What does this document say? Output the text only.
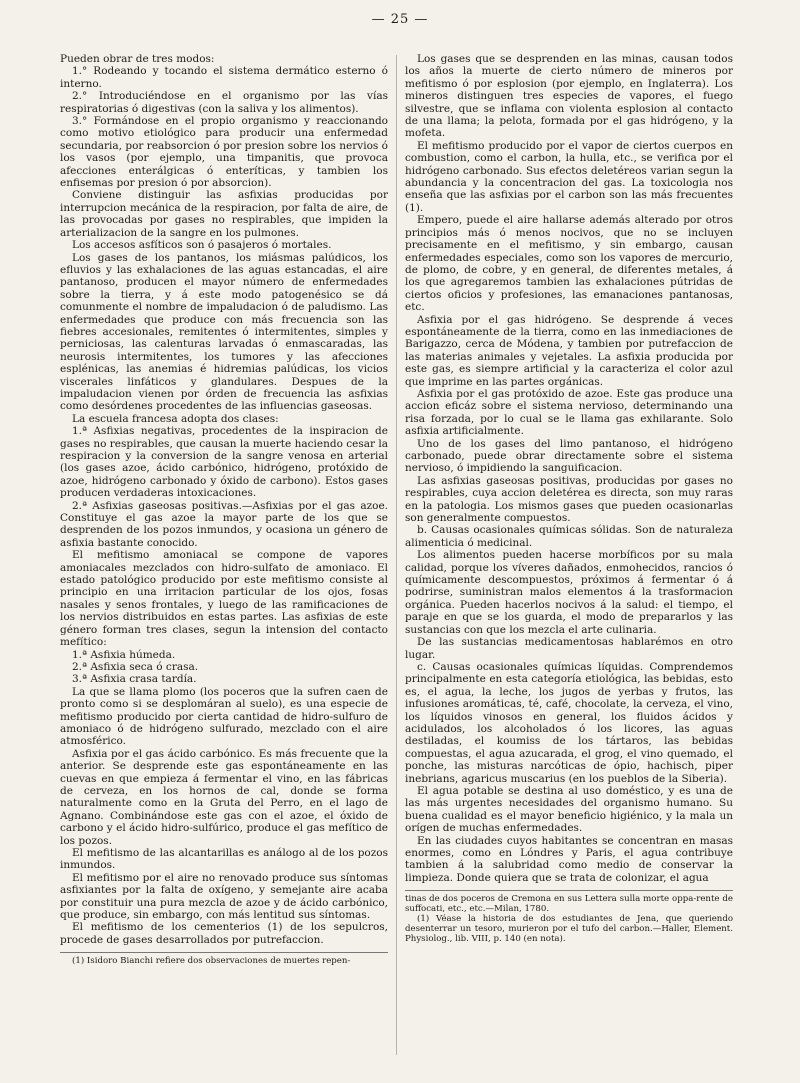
— 25 —

Pueden obrar de tres modos:

1.° Rodeando y tocando el sistema dermático esterno ó interno.

2.° Introduciéndose en el organismo por las vías respiratorias ó digestivas (con la saliva y los alimentos).

3.° Formándose en el propio organismo y reaccionando como motivo etiológico para producir una enfermedad secundaria, por reabsorcion ó por presion sobre los nervios ó los vasos (por ejemplo, una timpanitis, que provoca afecciones enterálgicas ó enteríticas, y tambien los enfisemas por presion ó por absorcion).

Conviene distinguir las asfixias producidas por interrupcion mecánica de la respiracion, por falta de aire, de las provocadas por gases no respirables, que impiden la arterializacion de la sangre en los pulmones.

Los accesos asfíticos son ó pasajeros ó mortales.

Los gases de los pantanos, los miásmas palúdicos, los efluvios y las exhalaciones de las aguas estancadas, el aire pantanoso, producen el mayor número de enfermedades sobre la tierra, y á este modo patogenésico se dá comunmente el nombre de impaludacion ó de paludismo. Las enfermedades que produce con más frecuencia son las fiebres accesionales, remitentes ó intermitentes, simples y perniciosas, las calenturas larvadas ó enmascaradas, las neurosis intermitentes, los tumores y las afecciones esplénicas, las anemias é hidremias palúdicas, los vicios viscerales linfáticos y glandulares. Despues de la impaludacion vienen por órden de frecuencia las asfixias como desórdenes procedentes de las influencias gaseosas.

La escuela francesa adopta dos clases:

1.ª Asfixias negativas, procedentes de la inspiracion de gases no respirables, que causan la muerte haciendo cesar la respiracion y la conversion de la sangre venosa en arterial (los gases azoe, ácido carbónico, hidrógeno, protóxido de azoe, hidrógeno carbonado y óxido de carbono). Estos gases producen verdaderas intoxicaciones.

2.ª Asfixias gaseosas positivas.—Asfixias por el gas azoe. Constituye el gas azoe la mayor parte de los que se desprenden de los pozos inmundos, y ocasiona un género de asfixia bastante conocido.

El mefitismo amoniacal se compone de vapores amoniacales mezclados con hidro-sulfato de amoniaco. El estado patológico producido por este mefitismo consiste al principio en una irritacion particular de los ojos, fosas nasales y senos frontales, y luego de las ramificaciones de los nervios distribuidos en estas partes. Las asfixias de este género forman tres clases, segun la intension del contacto mefítico:

1.ª Asfixia húmeda.

2.ª Asfixia seca ó crasa.

3.ª Asfixia crasa tardía.

La que se llama plomo (los poceros que la sufren caen de pronto como si se desplomáran al suelo), es una especie de mefitismo producido por cierta cantidad de hidro-sulfuro de amoniaco ó de hidrógeno sulfurado, mezclado con el aire atmosférico.

Asfixia por el gas ácido carbónico. Es más frecuente que la anterior. Se desprende este gas espontáneamente en las cuevas en que empieza á fermentar el vino, en las fábricas de cerveza, en los hornos de cal, donde se forma naturalmente como en la Gruta del Perro, en el lago de Agnano. Combinándose este gas con el azoe, el óxido de carbono y el ácido hidro-sulfúrico, produce el gas mefítico de los pozos.

El mefitismo de las alcantarillas es análogo al de los pozos inmundos.

El mefitismo por el aire no renovado produce sus síntomas asfixiantes por la falta de oxígeno, y semejante aire acaba por constituir una pura mezcla de azoe y de ácido carbónico, que produce, sin embargo, con más lentitud sus síntomas.

El mefitismo de los cementerios (1) de los sepulcros, procede de gases desarrollados por putrefaccion.

(1) Isidoro Bianchi refiere dos observaciones de muertes repen-

Los gases que se desprenden en las minas, causan todos los años la muerte de cierto número de mineros por mefitismo ó por esplosion (por ejemplo, en Inglaterra). Los mineros distinguen tres especies de vapores, el fuego silvestre, que se inflama con violenta esplosion al contacto de una llama; la pelota, formada por el gas hidrógeno, y la mofeta.

El mefitismo producido por el vapor de ciertos cuerpos en combustion, como el carbon, la hulla, etc., se verifica por el hidrógeno carbonado. Sus efectos deletéreos varian segun la abundancia y la concentracion del gas. La toxicologia nos enseña que las asfixias por el carbon son las más frecuentes (1).

Empero, puede el aire hallarse además alterado por otros principios más ó menos nocivos, que no se incluyen precisamente en el mefitismo, y sin embargo, causan enfermedades especiales, como son los vapores de mercurio, de plomo, de cobre, y en general, de diferentes metales, á los que agregaremos tambien las exhalaciones pútridas de ciertos oficios y profesiones, las emanaciones pantanosas, etc.

Asfixia por el gas hidrógeno. Se desprende á veces espontáneamente de la tierra, como en las inmediaciones de Barigazzo, cerca de Módena, y tambien por putrefaccion de las materias animales y vejetales. La asfixia producida por este gas, es siempre artificial y la caracteriza el color azul que imprime en las partes orgánicas.

Asfixia por el gas protóxido de azoe. Este gas produce una accion eficáz sobre el sistema nervioso, determinando una risa forzada, por lo cual se le llama gas exhilarante. Solo asfixia artificialmente.

Uno de los gases del limo pantanoso, el hidrógeno carbonado, puede obrar directamente sobre el sistema nervioso, ó impidiendo la sanguificacion.

Las asfixias gaseosas positivas, producidas por gases no respirables, cuya accion deletérea es directa, son muy raras en la patologia. Los mismos gases que pueden ocasionarlas son generalmente compuestos.

b. Causas ocasionales químicas sólidas. Son de naturaleza alimenticia ó medicinal.

Los alimentos pueden hacerse morbíficos por su mala calidad, porque los víveres dañados, enmohecidos, rancios ó químicamente descompuestos, próximos á fermentar ó á podrirse, suministran malos elementos á la trasformacion orgánica. Pueden hacerlos nocivos á la salud: el tiempo, el paraje en que se los guarda, el modo de prepararlos y las sustancias con que los mezcla el arte culinaria.

De las sustancias medicamentosas hablarémos en otro lugar.

c. Causas ocasionales químicas líquidas. Comprendemos principalmente en esta categoría etiológica, las bebidas, esto es, el agua, la leche, los jugos de yerbas y frutos, las infusiones aromáticas, té, café, chocolate, la cerveza, el vino, los líquidos vinosos en general, los fluidos ácidos y acidulados, los alcoholados ó los licores, las aguas destiladas, el koumiss de los tártaros, las bebidas compuestas, el agua azucarada, el grog, el vino quemado, el ponche, las misturas narcóticas de ópio, hachisch, piper inebrians, agaricus muscarius (en los pueblos de la Siberia).

El agua potable se destina al uso doméstico, y es una de las más urgentes necesidades del organismo humano. Su buena cualidad es el mayor beneficio higiénico, y la mala un orígen de muchas enfermedades.

En las ciudades cuyos habitantes se concentran en masas enormes, como en Lóndres y Paris, el agua contribuye tambien á la salubridad como medio de conservar la limpieza. Donde quiera que se trata de colonizar, el agua

tinas de dos poceros de Cremona en sus Lettera sulla morte oppa-rente de suffocati, etc., etc.—Milan, 1780.

(1) Véase la historia de dos estudiantes de Jena, que queriendo desenterrar un tesoro, murieron por el tufo del carbon.—Haller, Element. Physiolog., lib. VIII, p. 140 (en nota).
